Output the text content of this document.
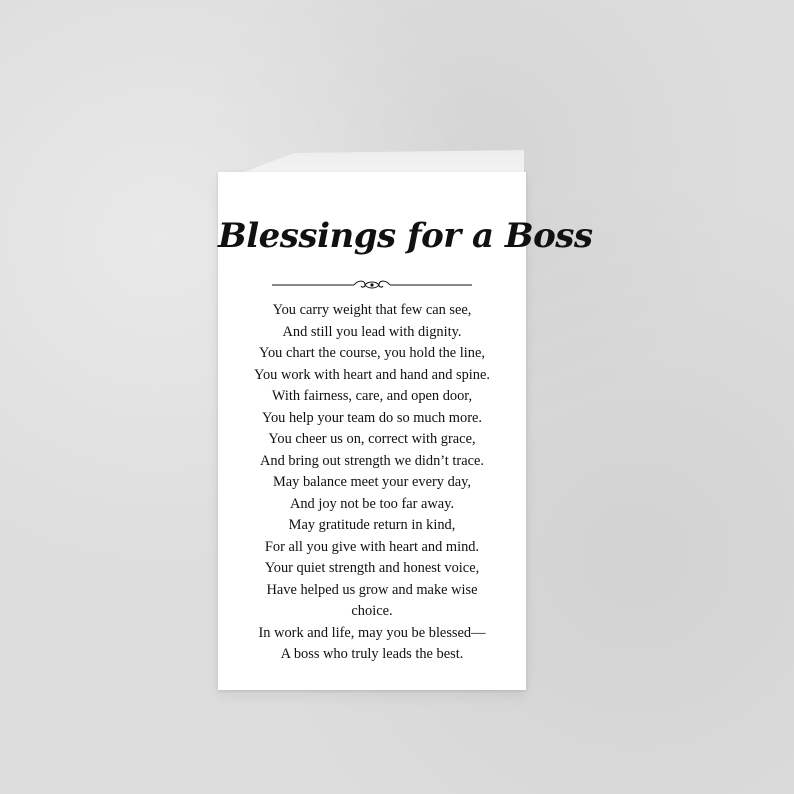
Blessings for a Boss
You carry weight that few can see,
And still you lead with dignity.
You chart the course, you hold the line,
You work with heart and hand and spine.
With fairness, care, and open door,
You help your team do so much more.
You cheer us on, correct with grace,
And bring out strength we didn’t trace.
May balance meet your every day,
And joy not be too far away.
May gratitude return in kind,
For all you give with heart and mind.
Your quiet strength and honest voice,
Have helped us grow and make wise
choice.
In work and life, may you be blessed—
A boss who truly leads the best.
